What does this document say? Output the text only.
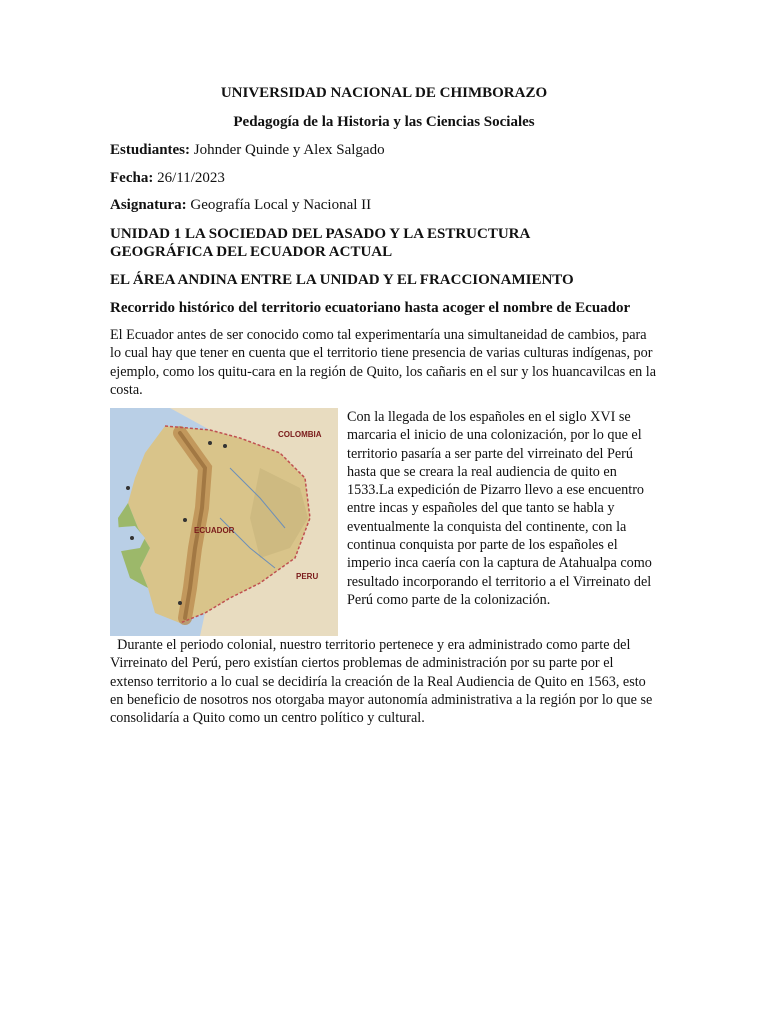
UNIVERSIDAD NACIONAL DE CHIMBORAZO
Pedagogía de la Historia y las Ciencias Sociales
Estudiantes: Johnder Quinde y Alex Salgado
Fecha: 26/11/2023
Asignatura: Geografía Local y Nacional II
UNIDAD 1 LA SOCIEDAD DEL PASADO Y LA ESTRUCTURA
GEOGRÁFICA DEL ECUADOR ACTUAL
EL ÁREA ANDINA ENTRE LA UNIDAD Y EL FRACCIONAMIENTO
Recorrido histórico del territorio ecuatoriano hasta acoger el nombre de Ecuador
El Ecuador antes de ser conocido como tal experimentaría una simultaneidad de cambios, para lo cual hay que tener en cuenta que el territorio tiene presencia de varias culturas indígenas, por ejemplo, como los quitu-cara en la región de Quito, los cañaris en el sur y los huancavilcas en la costa.
COLOMBIA
ECUADOR
PERU
Con la llegada de los españoles en el siglo XVI se marcaria el inicio de una colonización, por lo que el territorio pasaría a ser parte del virreinato del Perú hasta que se creara la real audiencia de quito en 1533.La expedición de Pizarro llevo a ese encuentro entre incas y españoles del que tanto se habla y eventualmente la conquista del continente, con la continua conquista por parte de los españoles el imperio inca caería con la captura de Atahualpa como resultado incorporando el territorio a el Virreinato del Perú como parte de la colonización.
Durante el periodo colonial, nuestro territorio pertenece y era administrado como parte del Virreinato del Perú, pero existían ciertos problemas de administración por su parte por el extenso territorio a lo cual se decidiría la creación de la Real Audiencia de Quito en 1563, esto en beneficio de nosotros nos otorgaba mayor autonomía administrativa a la región por lo que se consolidaría a Quito como un centro político y cultural.
